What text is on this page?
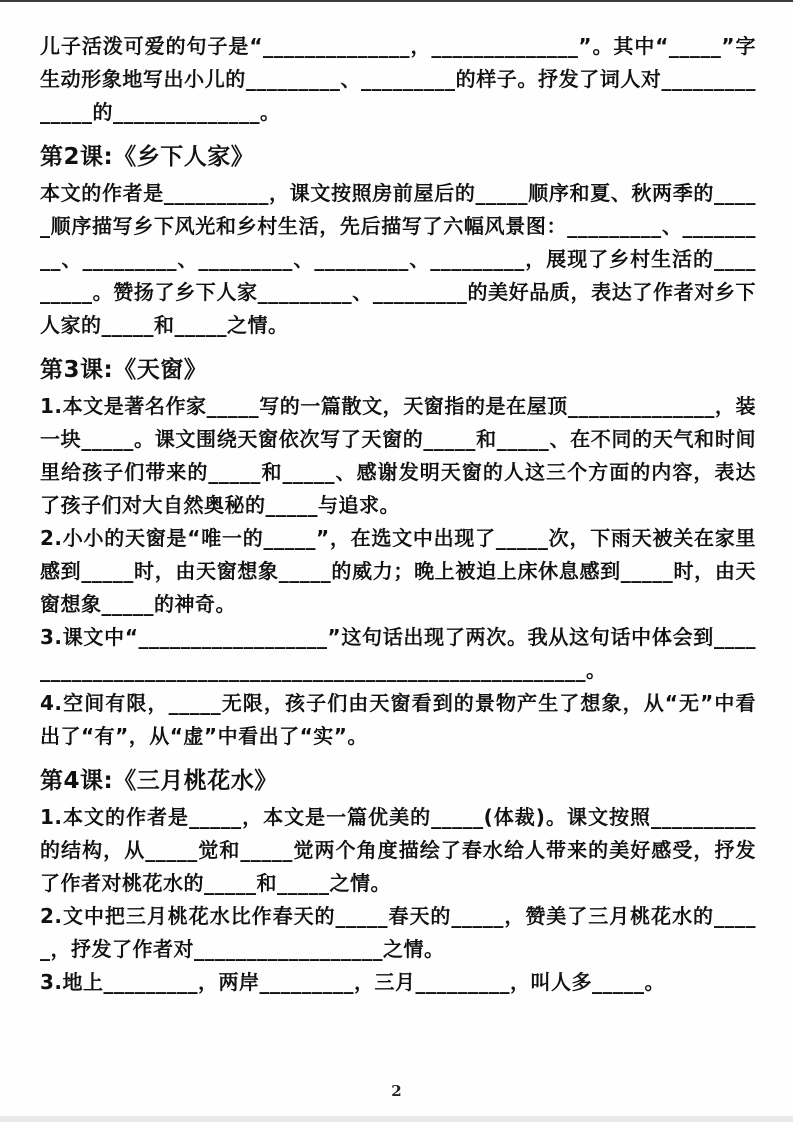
儿子活泼可爱的句子是“______________，______________”。其中“_____”字生动形象地写出小儿的_________、_________的样子。抒发了词人对______________的______________。

第2课:《乡下人家》

本文的作者是__________，课文按照房前屋后的_____顺序和夏、秋两季的_____顺序描写乡下风光和乡村生活，先后描写了六幅风景图：_________、_________、_________、_________、_________、_________，展现了乡村生活的_________。赞扬了乡下人家_________、_________的美好品质，表达了作者对乡下人家的_____和_____之情。

第3课:《天窗》

1.本文是著名作家_____写的一篇散文，天窗指的是在屋顶______________，装一块_____。课文围绕天窗依次写了天窗的_____和_____、在不同的天气和时间里给孩子们带来的_____和_____、感谢发明天窗的人这三个方面的内容，表达了孩子们对大自然奥秘的_____与追求。

2.小小的天窗是“唯一的_____”，在选文中出现了_____次，下雨天被关在家里感到_____时，由天窗想象_____的威力；晚上被迫上床休息感到_____时，由天窗想象_____的神奇。

3.课文中“__________________”这句话出现了两次。我从这句话中体会到________________________________________________________。

4.空间有限，_____无限，孩子们由天窗看到的景物产生了想象，从“无”中看出了“有”，从“虚”中看出了“实”。

第4课:《三月桃花水》

1.本文的作者是_____，本文是一篇优美的_____(体裁)。课文按照__________的结构，从_____觉和_____觉两个角度描绘了春水给人带来的美好感受，抒发了作者对桃花水的_____和_____之情。

2.文中把三月桃花水比作春天的_____春天的_____，赞美了三月桃花水的_____，抒发了作者对__________________之情。

3.地上_________，两岸_________，三月_________，叫人多_____。

2
